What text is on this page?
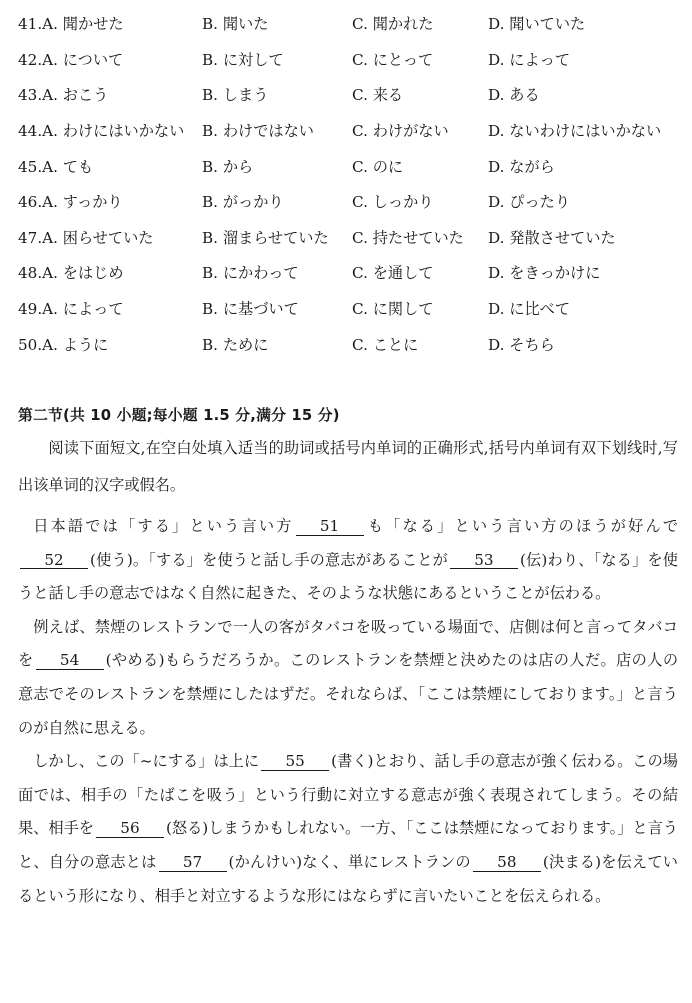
41.A. 聞かせた	B. 聞いた	C. 聞かれた	D. 聞いていた
42.A. について	B. に対して	C. にとって	D. によって
43.A. おこう	B. しまう	C. 来る	D. ある
44.A. わけにはいかない	B. わけではない	C. わけがない	D. ないわけにはいかない
45.A. ても	B. から	C. のに	D. ながら
46.A. すっかり	B. がっかり	C. しっかり	D. ぴったり
47.A. 困らせていた	B. 溜まらせていた	C. 持たせていた	D. 発散させていた
48.A. をはじめ	B. にかわって	C. を通して	D. をきっかけに
49.A. によって	B. に基づいて	C. に関して	D. に比べて
50.A. ように	B. ために	C. ことに	D. そちら
第二节(共 10 小题;每小题 1.5 分,满分 15 分)
阅读下面短文,在空白处填入适当的助词或括号内单词的正确形式,括号内单词有双下划线时,写出该单词的汉字或假名。
日本語では「する」という言い方 51 も「なる」という言い方のほうが好んで52 (使う)。「する」を使うと話し手の意志があることが 53 (伝)わり、「なる」を使うと話し手の意志ではなく自然に起きた、そのような状態にあるということが伝わる。
例えば、禁煙のレストランで一人の客がタバコを吸っている場面で、店側は何と言ってタバコを 54 (やめる)もらうだろうか。このレストランを禁煙と決めたのは店の人だ。店の人の意志でそのレストランを禁煙にしたはずだ。それならば、「ここは禁煙にしております。」と言うのが自然に思える。
しかし、この「~にする」は上に 55 (書く)とおり、話し手の意志が強く伝わる。この場面では、相手の「たばこを吸う」という行動に対立する意志が強く表現されてしまう。その結果、相手を 56 (怒る)しまうかもしれない。一方、「ここは禁煙になっております。」と言うと、自分の意志とは 57 (かんけい)なく、単にレストランの 58 (決まる)を伝えているという形になり、相手と対立するような形にはならずに言いたいことを伝えられる。
